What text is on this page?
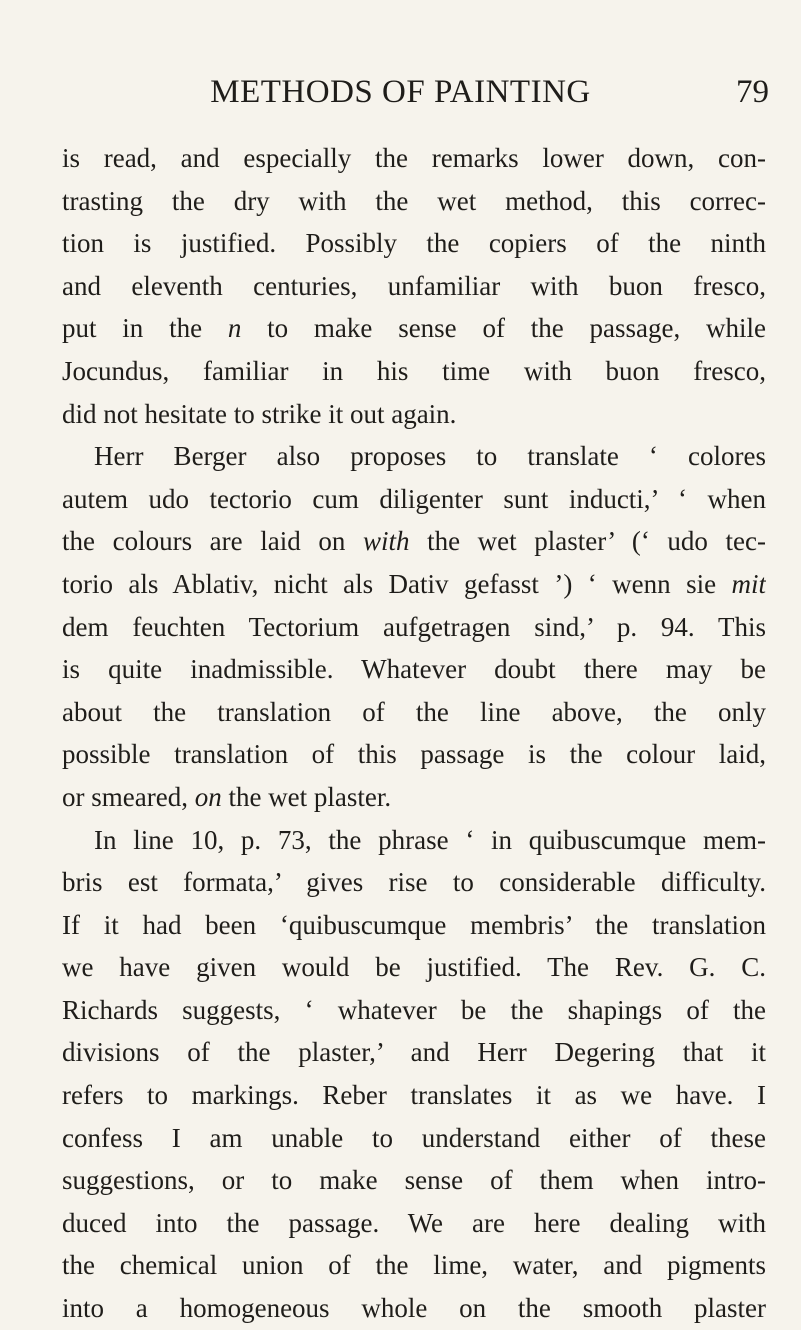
METHODS OF PAINTING	79
is read, and especially the remarks lower down, con-
trasting the dry with the wet method, this correc-
tion is justified. Possibly the copiers of the ninth
and eleventh centuries, unfamiliar with buon fresco,
put in the n to make sense of the passage, while
Jocundus, familiar in his time with buon fresco,
did not hesitate to strike it out again.
Herr Berger also proposes to translate ‘ colores
autem udo tectorio cum diligenter sunt inducti,’ ‘ when
the colours are laid on with the wet plaster’ (‘ udo tec-
torio als Ablativ, nicht als Dativ gefasst ’) ‘ wenn sie mit
dem feuchten Tectorium aufgetragen sind,’ p. 94. This
is quite inadmissible. Whatever doubt there may be
about the translation of the line above, the only
possible translation of this passage is the colour laid,
or smeared, on the wet plaster.
In line 10, p. 73, the phrase ‘ in quibuscumque mem-
bris est formata,’ gives rise to considerable difficulty.
If it had been ‘quibuscumque membris’ the translation
we have given would be justified. The Rev. G. C.
Richards suggests, ‘ whatever be the shapings of the
divisions of the plaster,’ and Herr Degering that it
refers to markings. Reber translates it as we have. I
confess I am unable to understand either of these
suggestions, or to make sense of them when intro-
duced into the passage. We are here dealing with
the chemical union of the lime, water, and pigments
into a homogeneous whole on the smooth plaster
